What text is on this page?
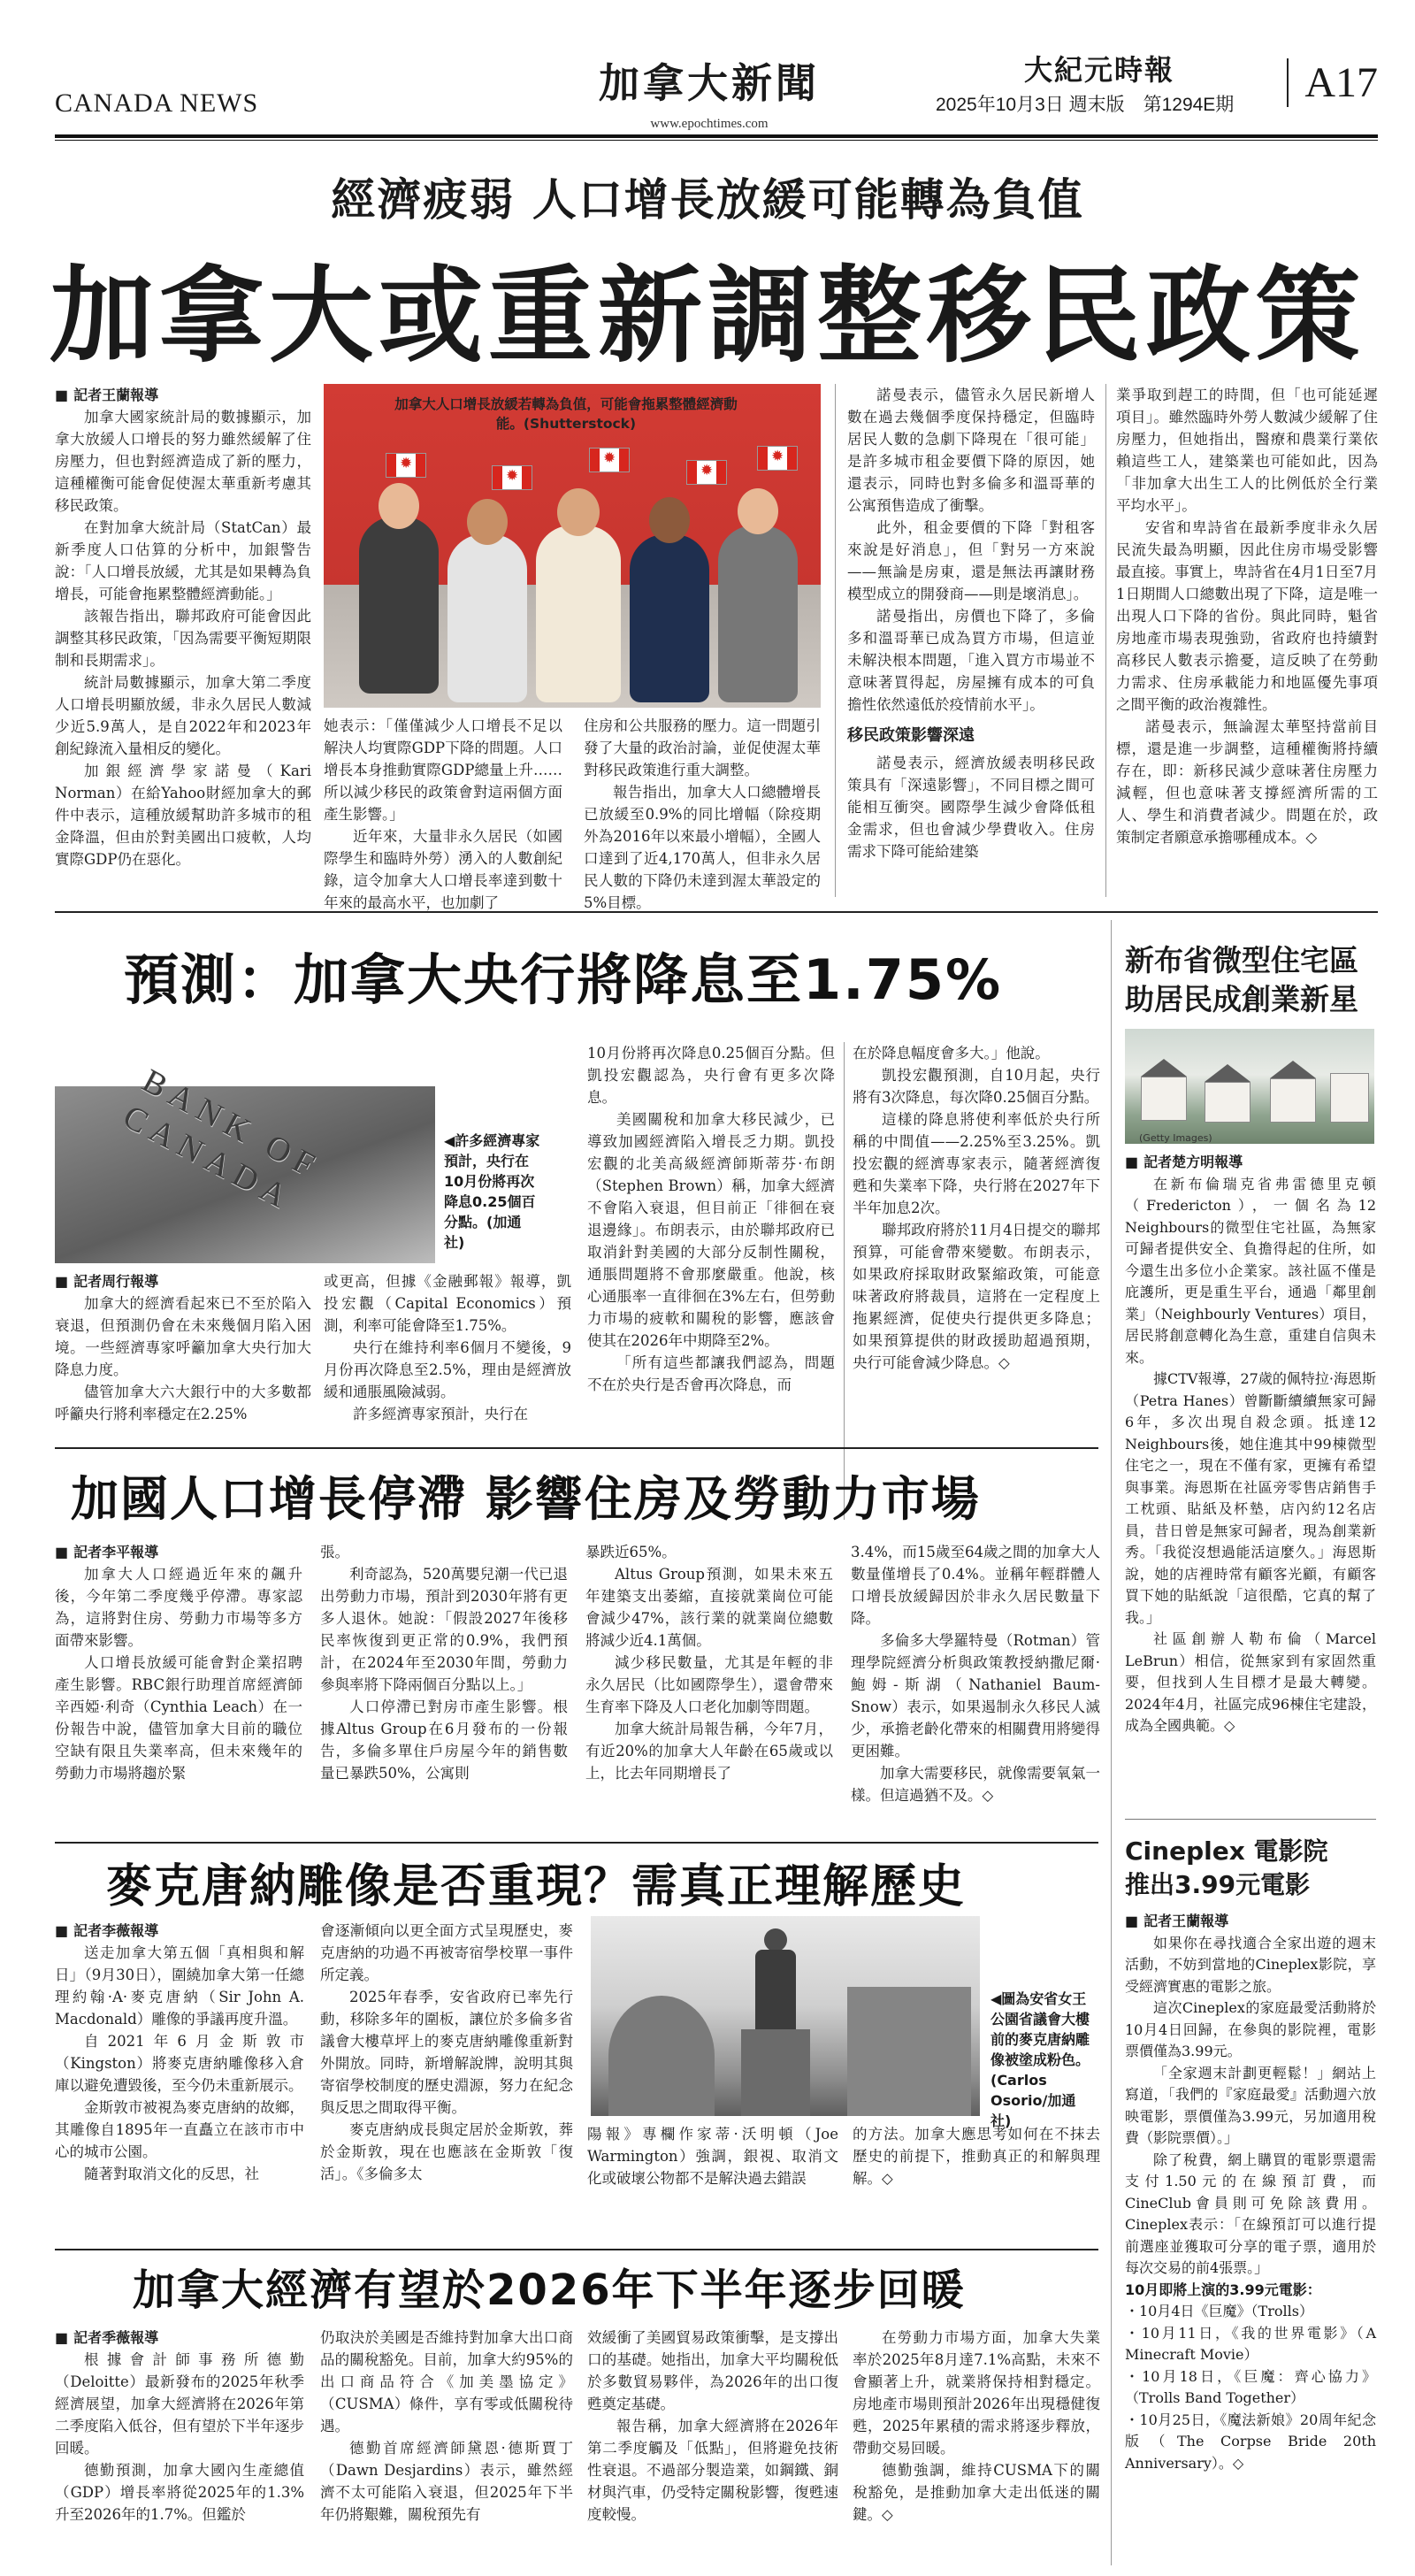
CANADA NEWS	加拿大新聞
www.epochtimes.com
大紀元時報
2025年10月3日 週末版　第1294E期	A17
經濟疲弱 人口增長放緩可能轉為負值
加拿大或重新調整移民政策

■ 記者王蘭報導

加拿大國家統計局的數據顯示，加拿大放緩人口增長的努力雖然緩解了住房壓力，但也對經濟造成了新的壓力，這種權衡可能會促使渥太華重新考慮其移民政策。

在對加拿大統計局（StatCan）最新季度人口估算的分析中，加銀警告說：「人口增長放緩，尤其是如果轉為負增長，可能會拖累整體經濟動能。」

該報告指出，聯邦政府可能會因此調整其移民政策，「因為需要平衡短期限制和長期需求」。

統計局數據顯示，加拿大第二季度人口增長明顯放緩，非永久居民人數減少近5.9萬人，是自2022年和2023年創紀錄流入量相反的變化。

加銀經濟學家諾曼（Kari Norman）在給Yahoo財經加拿大的郵件中表示，這種放緩幫助許多城市的租金降溫，但由於對美國出口疲軟，人均實際GDP仍在惡化。

✹
✹
✹
✹
✹
加拿大人口增長放緩若轉為負值，可能會拖累整體經濟動能。(Shutterstock)

她表示：「僅僅減少人口增長不足以解決人均實際GDP下降的問題。人口增長本身推動實際GDP總量上升……所以減少移民的政策會對這兩個方面產生影響。」

近年來，大量非永久居民（如國際學生和臨時外勞）湧入的人數創紀錄，這令加拿大人口增長率達到數十年來的最高水平，也加劇了

住房和公共服務的壓力。這一問題引發了大量的政治討論，並促使渥太華對移民政策進行重大調整。

報告指出，加拿大人口總體增長已放緩至0.9%的同比增幅（除疫期外為2016年以來最小增幅），全國人口達到了近4,170萬人，但非永久居民人數的下降仍未達到渥太華設定的5%目標。

諾曼表示，儘管永久居民新增人數在過去幾個季度保持穩定，但臨時居民人數的急劇下降現在「很可能」是許多城市租金要價下降的原因，她還表示，同時也對多倫多和溫哥華的公寓預售造成了衝擊。

此外，租金要價的下降「對租客來說是好消息」，但「對另一方來說——無論是房東，還是無法再讓財務模型成立的開發商——則是壞消息」。

諾曼指出，房價也下降了，多倫多和溫哥華已成為買方市場，但這並未解決根本問題，「進入買方市場並不意味著買得起，房屋擁有成本的可負擔性依然遠低於疫情前水平」。

移民政策影響深遠

諾曼表示，經濟放緩表明移民政策具有「深遠影響」，不同目標之間可能相互衝突。國際學生減少會降低租金需求，但也會減少學費收入。住房需求下降可能給建築

業爭取到趕工的時間，但「也可能延遲項目」。雖然臨時外勞人數減少緩解了住房壓力，但她指出，醫療和農業行業依賴這些工人，建築業也可能如此，因為「非加拿大出生工人的比例低於全行業平均水平」。

安省和卑詩省在最新季度非永久居民流失最為明顯，因此住房市場受影響最直接。事實上，卑詩省在4月1日至7月1日期間人口總數出現了下降，這是唯一出現人口下降的省份。與此同時，魁省房地產市場表現強勁，省政府也持續對高移民人數表示擔憂，這反映了在勞動力需求、住房承載能力和地區優先事項之間平衡的政治複雜性。

諾曼表示，無論渥太華堅持當前目標，還是進一步調整，這種權衡將持續存在，即：新移民減少意味著住房壓力減輕，但也意味著支撐經濟所需的工人、學生和消費者減少。問題在於，政策制定者願意承擔哪種成本。◇

預測：加拿大央行將降息至1.75%
BANK OF CANADA	◀許多經濟專家預計，央行在10月份將再次降息0.25個百分點。(加通社)

■ 記者周行報導

加拿大的經濟看起來已不至於陷入衰退，但預測仍會在未來幾個月陷入困境。一些經濟專家呼籲加拿大央行加大降息力度。

儘管加拿大六大銀行中的大多數都呼籲央行將利率穩定在2.25%

或更高，但據《金融郵報》報導，凱投宏觀（Capital Economics）預測，利率可能會降至1.75%。

央行在維持利率6個月不變後，9月份再次降息至2.5%，理由是經濟放緩和通脹風險減弱。

許多經濟專家預計，央行在

10月份將再次降息0.25個百分點。但凱投宏觀認為，央行會有更多次降息。

美國關稅和加拿大移民減少，已導致加國經濟陷入增長乏力期。凱投宏觀的北美高級經濟師斯蒂芬·布朗（Stephen Brown）稱，加拿大經濟不會陷入衰退，但目前正「徘徊在衰退邊緣」。布朗表示，由於聯邦政府已取消針對美國的大部分反制性關稅，通脹問題將不會那麼嚴重。他說，核心通脹率一直徘徊在3%左右，但勞動力市場的疲軟和關稅的影響，應該會使其在2026年中期降至2%。

「所有這些都讓我們認為，問題不在於央行是否會再次降息，而

在於降息幅度會多大。」他說。

凱投宏觀預測，自10月起，央行將有3次降息，每次降0.25個百分點。

這樣的降息將使利率低於央行所稱的中間值——2.25%至3.25%。凱投宏觀的經濟專家表示，隨著經濟復甦和失業率下降，央行將在2027年下半年加息2次。

聯邦政府將於11月4日提交的聯邦預算，可能會帶來變數。布朗表示，如果政府採取財政緊縮政策，可能意味著政府將裁員，這將在一定程度上拖累經濟，促使央行提供更多降息；如果預算提供的財政援助超過預期，央行可能會減少降息。◇

加國人口增長停滯 影響住房及勞動力市場

■ 記者李平報導

加拿大人口經過近年來的飆升後，今年第二季度幾乎停滯。專家認為，這將對住房、勞動力市場等多方面帶來影響。

人口增長放緩可能會對企業招聘產生影響。RBC銀行助理首席經濟師辛西婭·利奇（Cynthia Leach）在一份報告中說，儘管加拿大目前的職位空缺有限且失業率高，但未來幾年的勞動力市場將趨於緊

張。

利奇認為，520萬嬰兒潮一代已退出勞動力市場，預計到2030年將有更多人退休。她說：「假設2027年後移民率恢復到更正常的0.9%，我們預計，在2024年至2030年間，勞動力參與率將下降兩個百分點以上。」

人口停滯已對房市產生影響。根據Altus Group在6月發布的一份報告，多倫多單住戶房屋今年的銷售數量已暴跌50%，公寓則

暴跌近65%。

Altus Group預測，如果未來五年建築支出萎縮，直接就業崗位可能會減少47%，該行業的就業崗位總數將減少近4.1萬個。

減少移民數量，尤其是年輕的非永久居民（比如國際學生），還會帶來生育率下降及人口老化加劇等問題。

加拿大統計局報告稱，今年7月，有近20%的加拿大人年齡在65歲或以上，比去年同期增長了

3.4%，而15歲至64歲之間的加拿大人數量僅增長了0.4%。並稱年輕群體人口增長放緩歸因於非永久居民數量下降。

多倫多大學羅特曼（Rotman）管理學院經濟分析與政策教授納撒尼爾·鮑姆-斯湖（Nathaniel Baum-Snow）表示，如果遏制永久移民人滅少，承擔老齡化帶來的相關費用將變得更困難。

加拿大需要移民，就像需要氧氣一樣。但這過猶不及。◇

麥克唐納雕像是否重現？需真正理解歷史

■ 記者李薇報導

送走加拿大第五個「真相與和解日」（9月30日），圍繞加拿大第一任總理約翰·A·麥克唐納（Sir John A. Macdonald）雕像的爭議再度升溫。

自2021年6月金斯敦市（Kingston）將麥克唐納雕像移入倉庫以避免遭毀後，至今仍未重新展示。

金斯敦市被視為麥克唐納的故鄉，其雕像自1895年一直矗立在該市市中心的城市公園。

隨著對取消文化的反思，社

會逐漸傾向以更全面方式呈現歷史，麥克唐納的功過不再被寄宿學校單一事件所定義。

2025年春季，安省政府已率先行動，移除多年的圍板，讓位於多倫多省議會大樓草坪上的麥克唐納雕像重新對外開放。同時，新增解說牌，說明其與寄宿學校制度的歷史淵源，努力在紀念與反思之間取得平衡。

麥克唐納成長與定居於金斯敦，葬於金斯敦，現在也應該在金斯敦「復活」。《多倫多太

◀圖為安省女王公園省議會大樓前的麥克唐納雕像被塗成粉色。(Carlos Osorio/加通社)

陽報》專欄作家蒂·沃明頓（Joe Warmington）強調，銀視、取消文化或破壞公物都不是解決過去錯誤

的方法。加拿大應思考如何在不抹去歷史的前提下，推動真正的和解與理解。◇

加拿大經濟有望於2026年下半年逐步回暖

■ 記者季薇報導

根據會計師事務所德勤（Deloitte）最新發布的2025年秋季經濟展望，加拿大經濟將在2026年第二季度陷入低谷，但有望於下半年逐步回暖。

德勤預測，加拿大國內生產總值（GDP）增長率將從2025年的1.3%升至2026年的1.7%。但鑑於

仍取決於美國是否維持對加拿大出口商品的關稅豁免。目前，加拿大約95%的出口商品符合《加美墨協定》（CUSMA）條件，享有零或低關稅待遇。

德勤首席經濟師黛恩·德斯賈丁（Dawn Desjardins）表示，雖然經濟不太可能陷入衰退，但2025年下半年仍將艱難，關稅預先有

效緩衝了美國貿易政策衝擊，是支撐出口的基礎。她指出，加拿大平均關稅低於多數貿易夥伴，為2026年的出口復甦奠定基礎。

報告稱，加拿大經濟將在2026年第二季度觸及「低點」，但將避免技術性衰退。不過部分製造業，如鋼鐵、銅材與汽車，仍受特定關稅影響，復甦速度較慢。

在勞動力市場方面，加拿大失業率於2025年8月達7.1%高點，未來不會顯著上升，就業將保持相對穩定。房地產市場則預計2026年出現穩健復甦，2025年累積的需求將逐步釋放，帶動交易回暖。

德勤強調，維持CUSMA下的關稅豁免，是推動加拿大走出低迷的關鍵。◇

新布省微型住宅區
助居民成創業新星
(Getty Images)

■ 記者楚方明報導

在新布倫瑞克省弗雷德里克頓（Fredericton），一個名為12 Neighbours的微型住宅社區，為無家可歸者提供安全、負擔得起的住所，如今還生出多位小企業家。該社區不僅是庇護所，更是重生平台，通過「鄰里創業」（Neighbourly Ventures）項目，居民將創意轉化為生意，重建自信與未來。

據CTV報導，27歲的佩特拉·海恩斯（Petra Hanes）曾斷斷續續無家可歸6年，多次出現自殺念頭。抵達12 Neighbours後，她住進其中99棟微型住宅之一，現在不僅有家，更擁有希望與事業。海恩斯在社區旁零售店銷售手工枕頭、貼紙及杯墊，店內約12名店員，昔日曾是無家可歸者，現為創業新秀。「我從沒想過能活這麼久。」海恩斯說，她的店裡時常有顧客光顧，有顧客買下她的貼紙說「這很酷，它真的幫了我。」

社區創辦人勒布倫（Marcel LeBrun）相信，從無家到有家固然重要，但找到人生目標才是最大轉變。2024年4月，社區完成96棟住宅建設，成為全國典範。◇

Cineplex 電影院
推出3.99元電影

■ 記者王蘭報導

如果你在尋找適合全家出遊的週末活動，不妨到當地的Cineplex影院，享受經濟實惠的電影之旅。

這次Cineplex的家庭最愛活動將於10月4日回歸，在參與的影院裡，電影票價僅為3.99元。

「全家週末計劃更輕鬆！」網站上寫道，「我們的『家庭最愛』活動週六放映電影，票價僅為3.99元，另加適用稅費（影院票價）。」

除了稅費，網上購買的電影票還需支付1.50元的在線預訂費，而CineClub會員則可免除該費用。Cineplex表示：「在線預訂可以進行提前選座並獲取可分享的電子票，適用於每次交易的前4張票。」

10月即將上演的3.99元電影：

・10月4日《巨魔》（Trolls）

・10月11日，《我的世界電影》（A Minecraft Movie）

・10月18日，《巨魔：齊心協力》（Trolls Band Together）

・10月25日，《魔法新娘》20周年紀念版（The Corpse Bride 20th Anniversary）。◇
